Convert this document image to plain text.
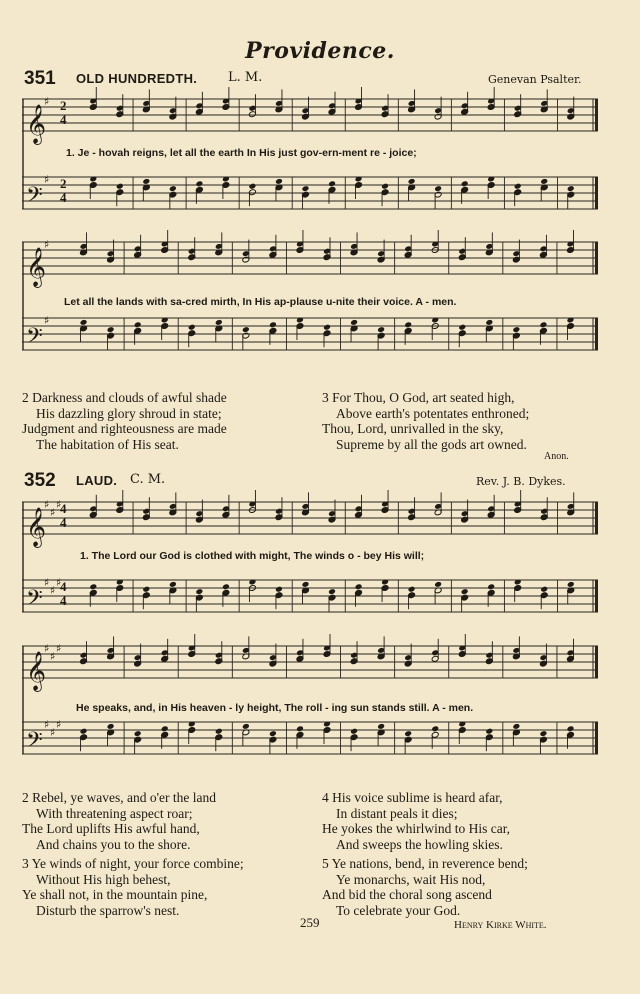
Providence.
351 OLD HUNDREDTH. L. M.	Genevan Psalter.
𝄞
𝄢
♯
♯
2
4
2
4
1. Je - hovah reigns, let all the earth In His just gov-ern-ment re - joice;
𝄞
𝄢
♯
♯
Let all the lands with sa-cred mirth, In His ap-plause u-nite their voice. A - men.
2 Darkness and clouds of awful shade
His dazzling glory shroud in state;
Judgment and righteousness are made
The habitation of His seat.
3 For Thou, O God, art seated high,
Above earth's potentates enthroned;
Thou, Lord, unrivalled in the sky,
Supreme by all the gods art owned.
Anon.
352 LAUD. C. M.	Rev. J. B. Dykes.
𝄞
𝄢
♯
♯
♯
♯
♯
♯
4
4
4
4
1. The Lord our God is clothed with might, The winds o - bey His will;
𝄞
𝄢
♯
♯
♯
♯
♯
♯
He speaks, and, in His heaven - ly height, The roll - ing sun stands still. A - men.
2 Rebel, ye waves, and o'er the land
With threatening aspect roar;
The Lord uplifts His awful hand,
And chains you to the shore.
4 His voice sublime is heard afar,
In distant peals it dies;
He yokes the whirlwind to His car,
And sweeps the howling skies.
3 Ye winds of night, your force combine;
Without His high behest,
Ye shall not, in the mountain pine,
Disturb the sparrow's nest.
5 Ye nations, bend, in reverence bend;
Ye monarchs, wait His nod,
And bid the choral song ascend
To celebrate your God.
259	Henry Kirke White.
